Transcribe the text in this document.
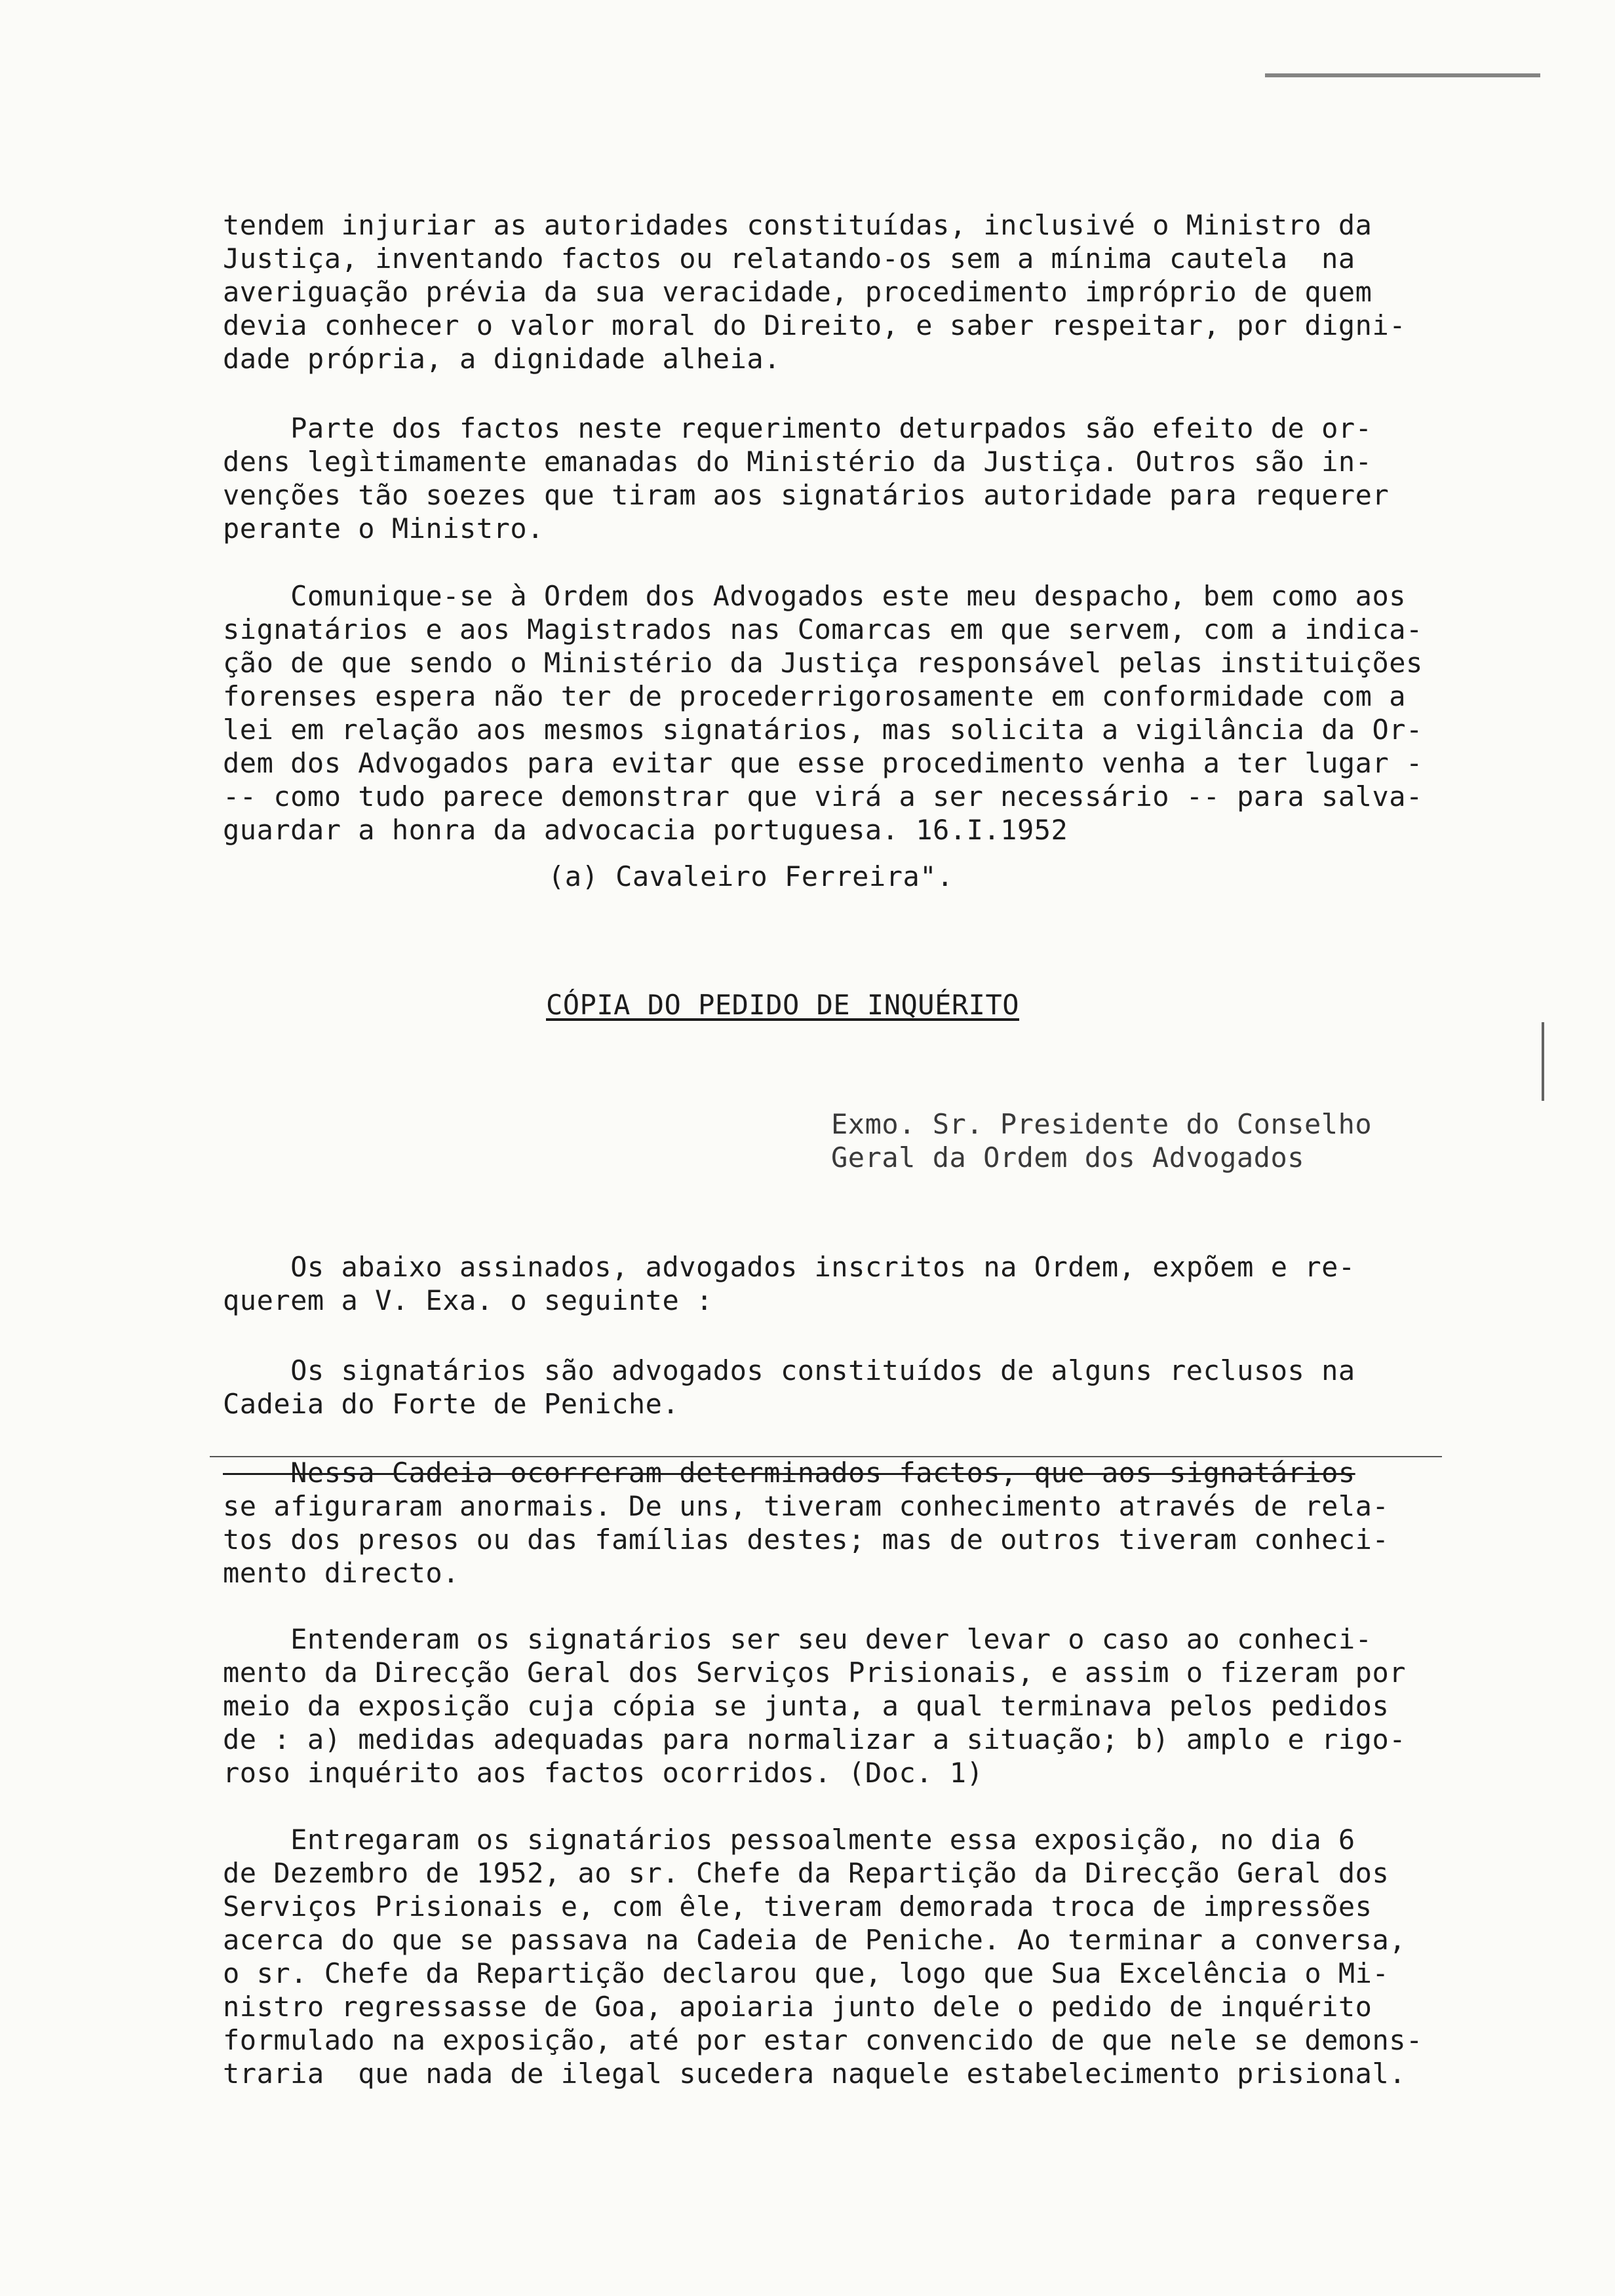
tendem injuriar as autoridades constituídas, inclusivé o Ministro da
Justiça, inventando factos ou relatando-os sem a mínima cautela  na
averiguação prévia da sua veracidade, procedimento impróprio de quem
devia conhecer o valor moral do Direito, e saber respeitar, por digni-
dade própria, a dignidade alheia.
Parte dos factos neste requerimento deturpados são efeito de or-
dens legìtimamente emanadas do Ministério da Justiça. Outros são in-
venções tão soezes que tiram aos signatários autoridade para requerer
perante o Ministro.
Comunique-se à Ordem dos Advogados este meu despacho, bem como aos
signatários e aos Magistrados nas Comarcas em que servem, com a indica-
ção de que sendo o Ministério da Justiça responsável pelas instituições
forenses espera não ter de procederrigorosamente em conformidade com a
lei em relação aos mesmos signatários, mas solicita a vigilância da Or-
dem dos Advogados para evitar que esse procedimento venha a ter lugar -
-- como tudo parece demonstrar que virá a ser necessário -- para salva-
guardar a honra da advocacia portuguesa. 16.I.1952
(a) Cavaleiro Ferreira".
CÓPIA DO PEDIDO DE INQUÉRITO
Exmo. Sr. Presidente do Conselho
Geral da Ordem dos Advogados
Os abaixo assinados, advogados inscritos na Ordem, expõem e re-
querem a V. Exa. o seguinte :
Os signatários são advogados constituídos de alguns reclusos na
Cadeia do Forte de Peniche.
Nessa Cadeia ocorreram determinados factos, que aos signatários
se afiguraram anormais. De uns, tiveram conhecimento através de rela-
tos dos presos ou das famílias destes; mas de outros tiveram conheci-
mento directo.
Entenderam os signatários ser seu dever levar o caso ao conheci-
mento da Direcção Geral dos Serviços Prisionais, e assim o fizeram por
meio da exposição cuja cópia se junta, a qual terminava pelos pedidos
de : a) medidas adequadas para normalizar a situação; b) amplo e rigo-
roso inquérito aos factos ocorridos. (Doc. 1)
Entregaram os signatários pessoalmente essa exposição, no dia 6
de Dezembro de 1952, ao sr. Chefe da Repartição da Direcção Geral dos
Serviços Prisionais e, com êle, tiveram demorada troca de impressões
acerca do que se passava na Cadeia de Peniche. Ao terminar a conversa,
o sr. Chefe da Repartição declarou que, logo que Sua Excelência o Mi-
nistro regressasse de Goa, apoiaria junto dele o pedido de inquérito
formulado na exposição, até por estar convencido de que nele se demons-
traria  que nada de ilegal sucedera naquele estabelecimento prisional.
